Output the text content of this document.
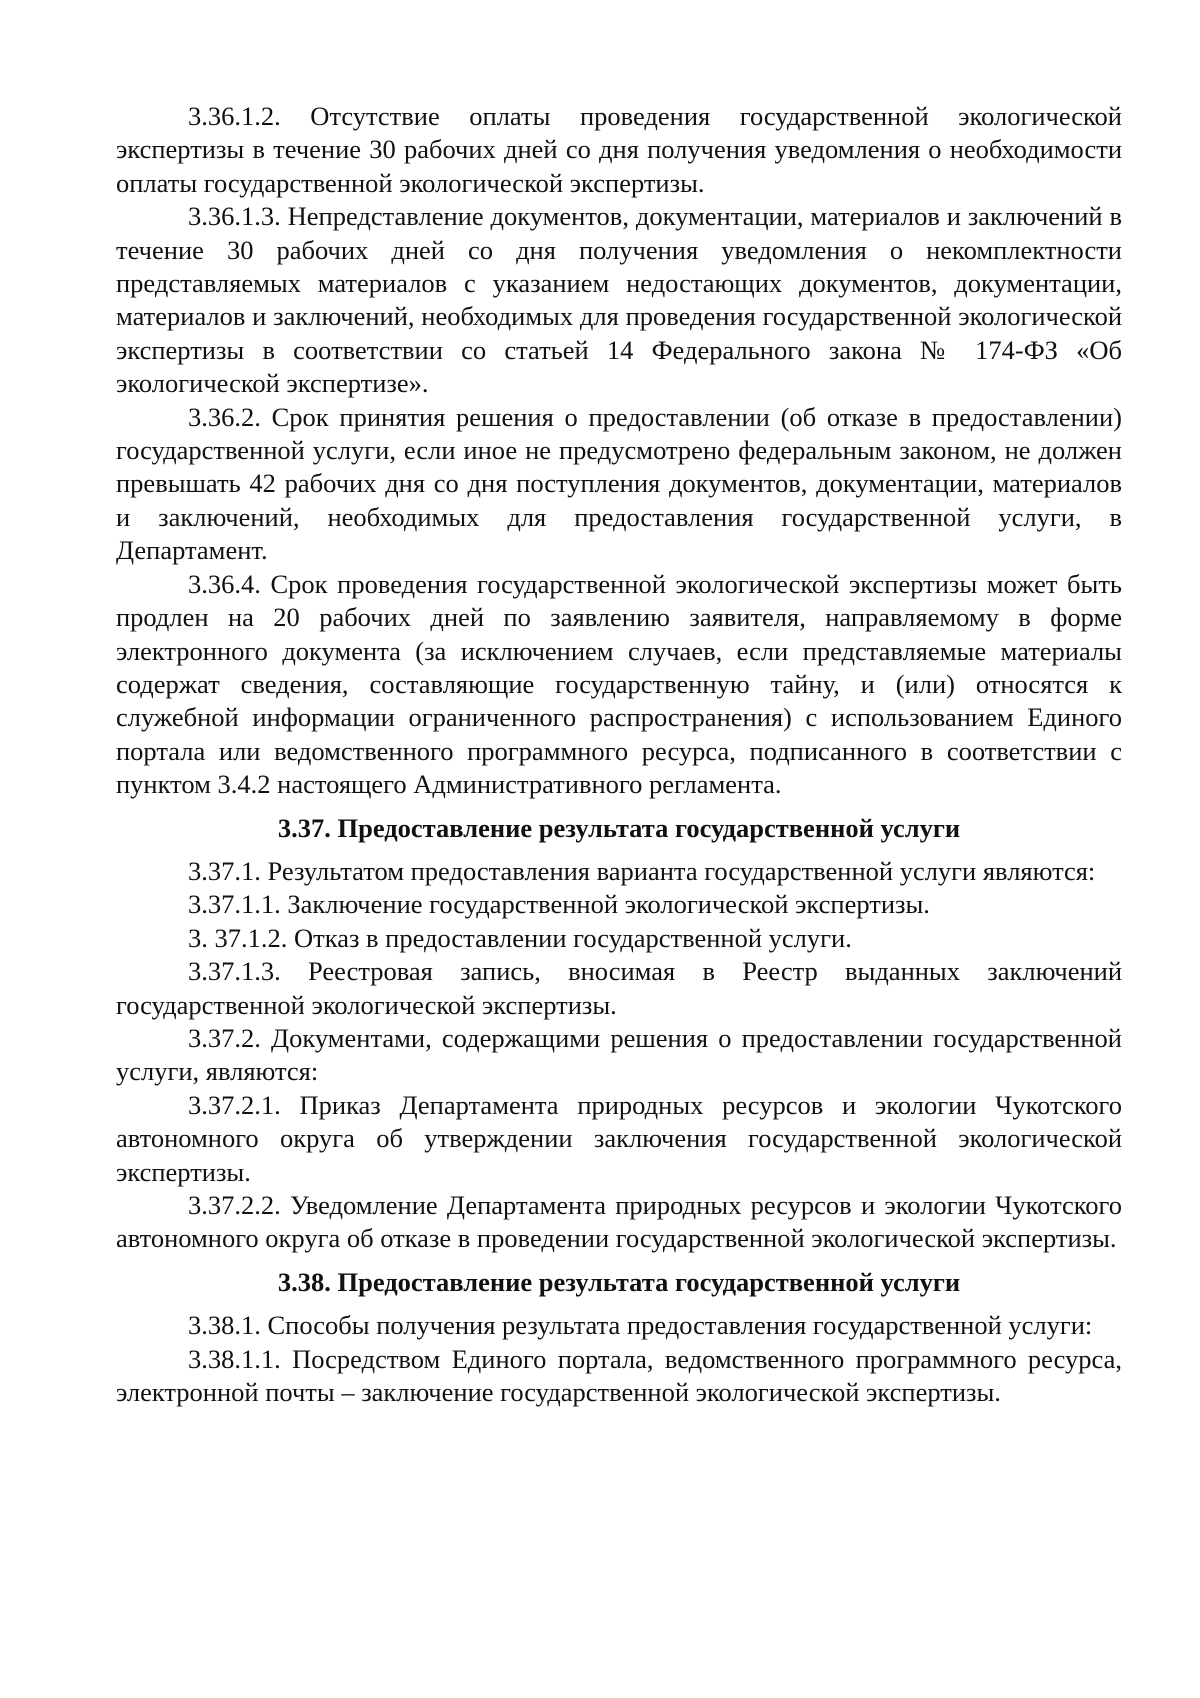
3.36.1.2. Отсутствие оплаты проведения государственной экологической экспертизы в течение 30 рабочих дней со дня получения уведомления о необходимости оплаты государственной экологической экспертизы.

3.36.1.3. Непредставление документов, документации, материалов и заключений в течение 30 рабочих дней со дня получения уведомления о некомплектности представляемых материалов с указанием недостающих документов, документации, материалов и заключений, необходимых для проведения государственной экологической экспертизы в соответствии со статьей 14 Федерального закона № 174-ФЗ «Об экологической экспертизе».

3.36.2. Срок принятия решения о предоставлении (об отказе в предоставлении) государственной услуги, если иное не предусмотрено федеральным законом, не должен превышать 42 рабочих дня со дня поступления документов, документации, материалов и заключений, необходимых для предоставления государственной услуги, в Департамент.

3.36.4. Срок проведения государственной экологической экспертизы может быть продлен на 20 рабочих дней по заявлению заявителя, направляемому в форме электронного документа (за исключением случаев, если представляемые материалы содержат сведения, составляющие государственную тайну, и (или) относятся к служебной информации ограниченного распространения) с использованием Единого портала или ведомственного программного ресурса, подписанного в соответствии с пунктом 3.4.2 настоящего Административного регламента.

3.37. Предоставление результата государственной услуги

3.37.1. Результатом предоставления варианта государственной услуги являются:

3.37.1.1. Заключение государственной экологической экспертизы.

3. 37.1.2. Отказ в предоставлении государственной услуги.

3.37.1.3. Реестровая запись, вносимая в Реестр выданных заключений государственной экологической экспертизы.

3.37.2. Документами, содержащими решения о предоставлении государственной услуги, являются:

3.37.2.1. Приказ Департамента природных ресурсов и экологии Чукотского автономного округа об утверждении заключения государственной экологической экспертизы.

3.37.2.2. Уведомление Департамента природных ресурсов и экологии Чукотского автономного округа об отказе в проведении государственной экологической экспертизы.

3.38. Предоставление результата государственной услуги

3.38.1. Способы получения результата предоставления государственной услуги:

3.38.1.1. Посредством Единого портала, ведомственного программного ресурса, электронной почты – заключение государственной экологической экспертизы.
